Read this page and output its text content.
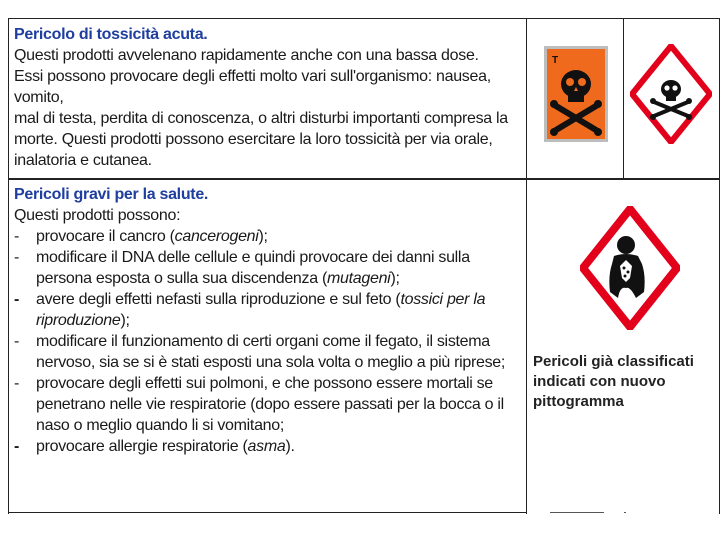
Pericolo di tossicità acuta.
Questi prodotti avvelenano rapidamente anche con una bassa dose.
Essi possono provocare degli effetti molto vari sull'organismo: nausea, vomito,
mal di testa, perdita di conoscenza, o altri disturbi importanti compresa la
morte. Questi prodotti possono esercitare la loro tossicità per via orale,
inalatoria e cutanea.
T
Pericoli gravi per la salute.
Questi prodotti possono:
- provocare il cancro (cancerogeni);
- modificare il DNA delle cellule e quindi provocare dei danni sulla persona esposta o sulla sua discendenza (mutageni);
- avere degli effetti nefasti sulla riproduzione e sul feto (tossici per la riproduzione);
- modificare il funzionamento di certi organi come il fegato, il sistema nervoso, sia se si è stati esposti una sola volta o meglio a più riprese;
- provocare degli effetti sui polmoni, e che possono essere mortali se penetrano nelle vie respiratorie (dopo essere passati per la bocca o il naso o meglio quando li si vomitano;
- provocare allergie respiratorie (asma).
Pericoli già classificati indicati con nuovo pittogramma
